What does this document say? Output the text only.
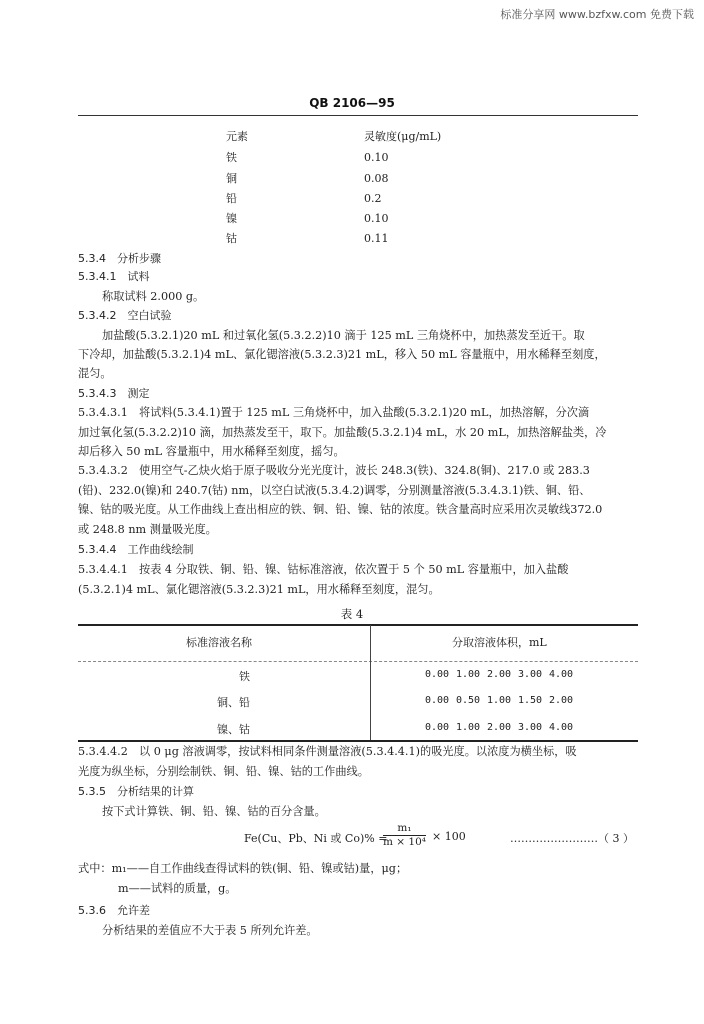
标准分享网 www.bzfxw.com 免费下载
QB 2106—95
元素	灵敏度(μg/mL)
铁	0.10
铜	0.08
铅	0.2
镍	0.10
钴	0.11
5.3.4　分析步骤
5.3.4.1　试料
称取试料 2.000 g。
5.3.4.2　空白试验
加盐酸(5.3.2.1)20 mL 和过氧化氢(5.3.2.2)10 滴于 125 mL 三角烧杯中，加热蒸发至近干。取
下冷却，加盐酸(5.3.2.1)4 mL、氯化锶溶液(5.3.2.3)21 mL，移入 50 mL 容量瓶中，用水稀释至刻度，
混匀。
5.3.4.3　测定
5.3.4.3.1　将试料(5.3.4.1)置于 125 mL 三角烧杯中，加入盐酸(5.3.2.1)20 mL，加热溶解，分次滴
加过氧化氢(5.3.2.2)10 滴，加热蒸发至干，取下。加盐酸(5.3.2.1)4 mL，水 20 mL，加热溶解盐类，冷
却后移入 50 mL 容量瓶中，用水稀释至刻度，摇匀。
5.3.4.3.2　使用空气-乙炔火焰于原子吸收分光光度计，波长 248.3(铁)、324.8(铜)、217.0 或 283.3
(铅)、232.0(镍)和 240.7(钴) nm，以空白试液(5.3.4.2)调零，分别测量溶液(5.3.4.3.1)铁、铜、铅、
镍、钴的吸光度。从工作曲线上查出相应的铁、铜、铅、镍、钴的浓度。铁含量高时应采用次灵敏线372.0
或 248.8 nm 测量吸光度。
5.3.4.4　工作曲线绘制
5.3.4.4.1　按表 4 分取铁、铜、铅、镍、钴标准溶液，依次置于 5 个 50 mL 容量瓶中，加入盐酸
(5.3.2.1)4 mL、氯化锶溶液(5.3.2.3)21 mL，用水稀释至刻度，混匀。
表 4
标准溶液名称	分取溶液体积，mL
铁	0.00 1.00 2.00 3.00 4.00
铜、铅	0.00 0.50 1.00 1.50 2.00
镍、钴	0.00 1.00 2.00 3.00 4.00
5.3.4.4.2　以 0 μg 溶液调零，按试料相同条件测量溶液(5.3.4.4.1)的吸光度。以浓度为横坐标，吸
光度为纵坐标，分别绘制铁、铜、铅、镍、钴的工作曲线。
5.3.5　分析结果的计算
按下式计算铁、铜、铅、镍、钴的百分含量。
Fe(Cu、Pb、Ni 或 Co)% =
$\frac{\text{m₁}}{\text{m × 10⁴}} \times 100$	……………………（ 3 ）
式中：m₁——自工作曲线查得试料的铁(铜、铅、镍或钴)量，μg；
m——试料的质量，g。
5.3.6　允许差
分析结果的差值应不大于表 5 所列允许差。
